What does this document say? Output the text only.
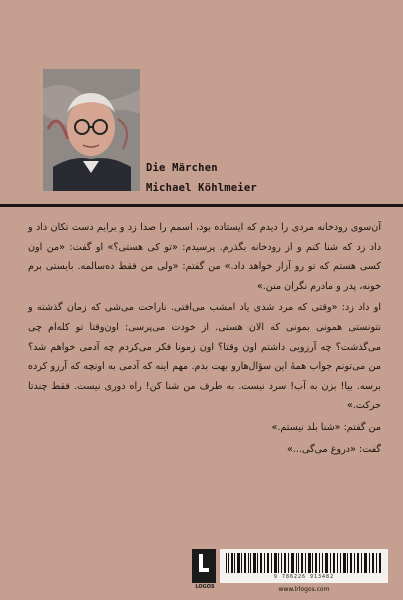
Die Märchen
Michael Köhlmeier

آن‌سوی رودخانه مردی را دیدم که ایستاده بود، اسمم را صدا زد و برایم دست تکان داد و داد زد که شنا کنم و از رودخانه بگذرم. پرسیدم: «تو کی هستی؟» او گفت: «من اون کسی هستم که تو رو آزار خواهد داد.» من گفتم: «ولی من فقط ده‌سالمه. بایستی برم خونه، پدر و مادرم نگران منن.»

او داد زد: «وقتی که مرد شدی یاد امشب می‌افتی. ناراحت می‌شی که زمان گذشته و نتونستی همونی بمونی که الان هستی. از خودت می‌پرسی: اون‌وقتا تو کله‌ام چی می‌گذشت؟ چه آرزویی داشتم اون وقتا؟ اون زمونا فکر می‌کردم چه آدمی خواهم شد؟ من می‌تونم جواب همهٔ این سؤال‌هارو بهت بدم. مهم اینه که آدمی به اونچه که آرزو کرده برسه. بیا! بزن به آب! سرد نیست. به طرف من شنا کن! راه دوری نیست. فقط چندتا حرکت.»

من گفتم: «شنا بلد نیستم.»

گفت: «دروغ می‌گی...»

LOGOS
9 786226 913482
www.lrlogos.com
